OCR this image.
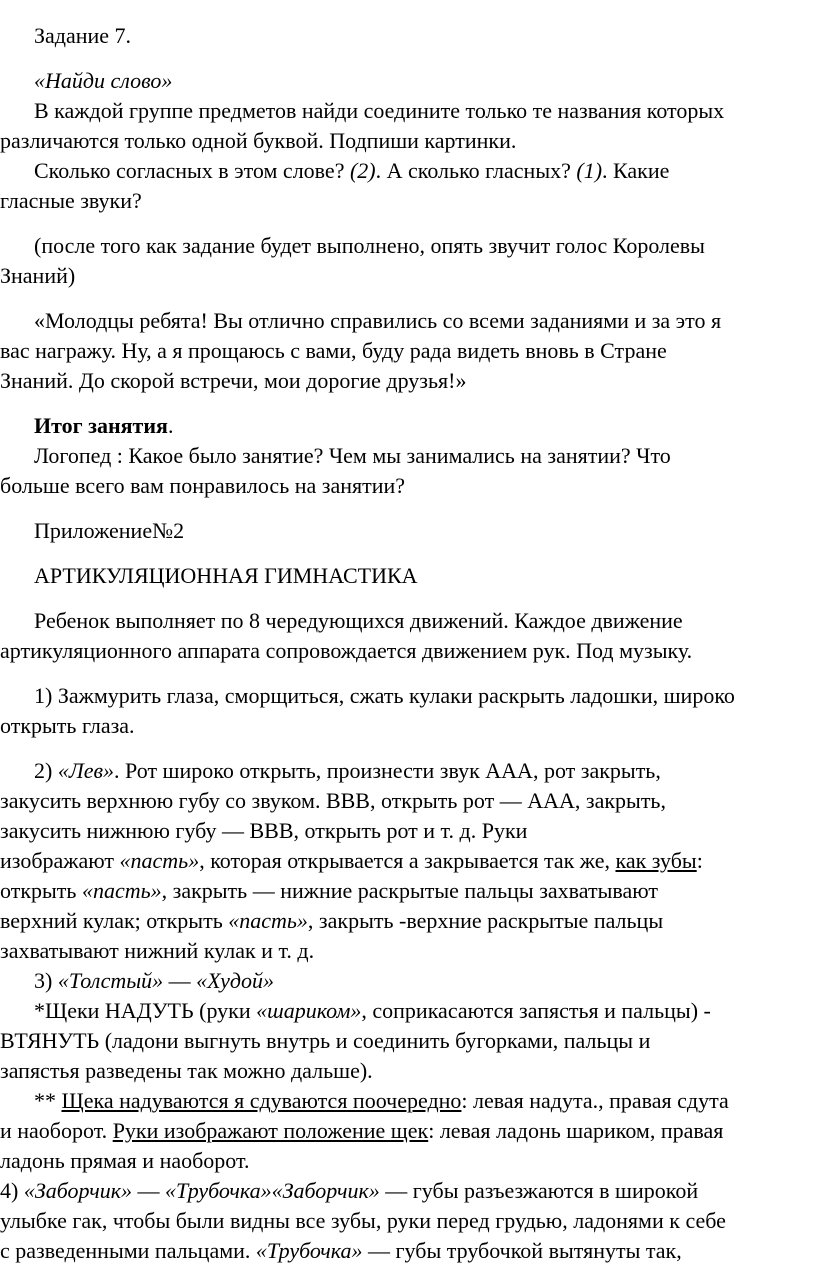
Задание 7.
«Найди слово»
В каждой группе предметов найди соедините только те названия которых
различаются только одной буквой. Подпиши картинки.
Сколько согласных в этом слове? (2). А сколько гласных? (1). Какие
гласные звуки?
(после того как задание будет выполнено, опять звучит голос Королевы
Знаний)
«Молодцы ребята! Вы отлично справились со всеми заданиями и за это я
вас награжу. Ну, а я прощаюсь с вами, буду рада видеть вновь в Стране
Знаний. До скорой встречи, мои дорогие друзья!»
Итог занятия.
Логопед : Какое было занятие? Чем мы занимались на занятии? Что
больше всего вам понравилось на занятии?
Приложение№2
АРТИКУЛЯЦИОННАЯ ГИМНАСТИКА
Ребенок выполняет по 8 чередующихся движений. Каждое движение
артикуляционного аппарата сопровождается движением рук. Под музыку.
1) Зажмурить глаза, сморщиться, сжать кулаки раскрыть ладошки, широко
открыть глаза.
2) «Лев». Рот широко открыть, произнести звук ААА, рот закрыть,
закусить верхнюю губу со звуком. ВВВ, открыть рот — ААА, закрыть,
закусить нижнюю губу — ВВВ, открыть рот и т. д. Руки
изображают «пасть», которая открывается а закрывается так же, как зубы:
открыть «пасть», закрыть — нижние раскрытые пальцы захватывают
верхний кулак; открыть «пасть», закрыть -верхние раскрытые пальцы
захватывают нижний кулак и т. д.
3) «Толстый» — «Худой»
*Щеки НАДУТЬ (руки «шариком», соприкасаются запястья и пальцы) -
ВТЯНУТЬ (ладони выгнуть внутрь и соединить бугорками, пальцы и
запястья разведены так можно дальше).
** Щека надуваются я сдуваются поочередно: левая надута., правая сдута
и наоборот. Руки изображают положение щек: левая ладонь шариком, правая
ладонь прямая и наоборот.
4) «Заборчик» — «Трубочка»«Заборчик» — губы разъезжаются в широкой
улыбке гак, чтобы были видны все зубы, руки перед грудью, ладонями к себе
с разведенными пальцами. «Трубочка» — губы трубочкой вытянуты так,
